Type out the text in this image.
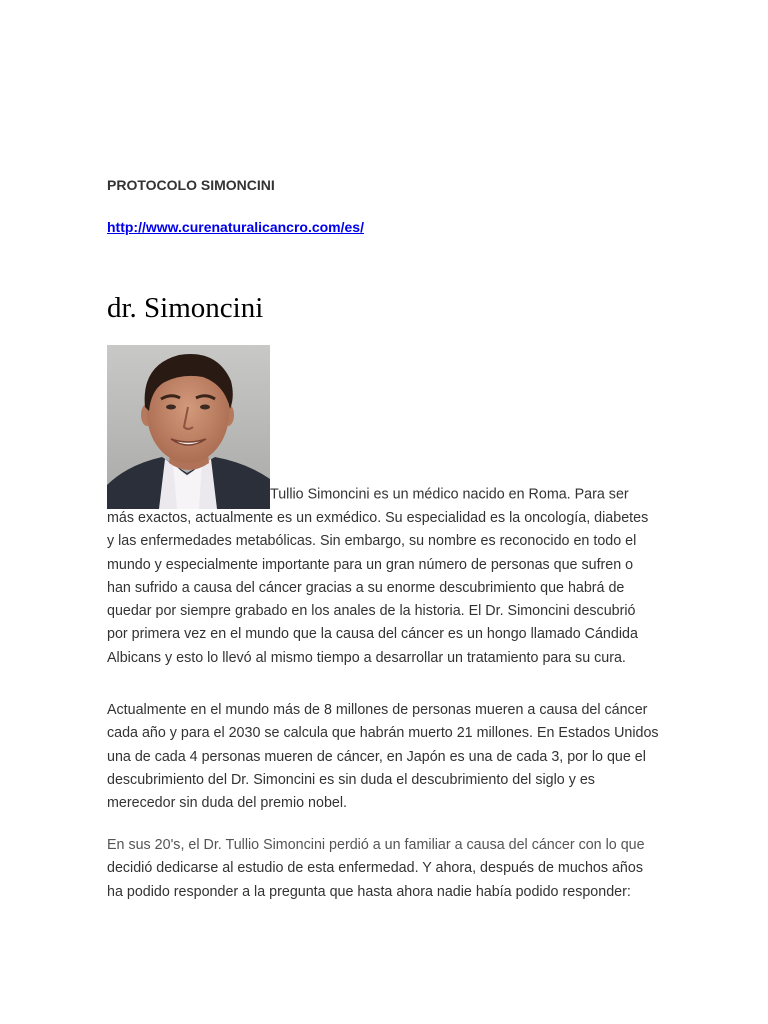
PROTOCOLO SIMONCINI

http://www.curenaturalicancro.com/es/
dr. Simoncini

Tullio Simoncini es un médico nacido en Roma. Para ser más exactos, actualmente es un exmédico. Su especialidad es la oncología, diabetes y las enfermedades metabólicas. Sin embargo, su nombre es reconocido en todo el mundo y especialmente importante para un gran número de personas que sufren o han sufrido a causa del cáncer gracias a su enorme descubrimiento que habrá de quedar por siempre grabado en los anales de la historia. El Dr. Simoncini descubrió por primera vez en el mundo que la causa del cáncer es un hongo llamado Cándida Albicans y esto lo llevó al mismo tiempo a desarrollar un tratamiento para su cura.

Actualmente en el mundo más de 8 millones de personas mueren a causa del cáncer cada año y para el 2030 se calcula que habrán muerto 21 millones. En Estados Unidos una de cada 4 personas mueren de cáncer, en Japón es una de cada 3, por lo que el descubrimiento del Dr. Simoncini es sin duda el descubrimiento del siglo y es merecedor sin duda del premio nobel.

En sus 20's, el Dr. Tullio Simoncini perdió a un familiar a causa del cáncer con lo que decidió dedicarse al estudio de esta enfermedad. Y ahora, después de muchos años ha podido responder a la pregunta que hasta ahora nadie había podido responder:
